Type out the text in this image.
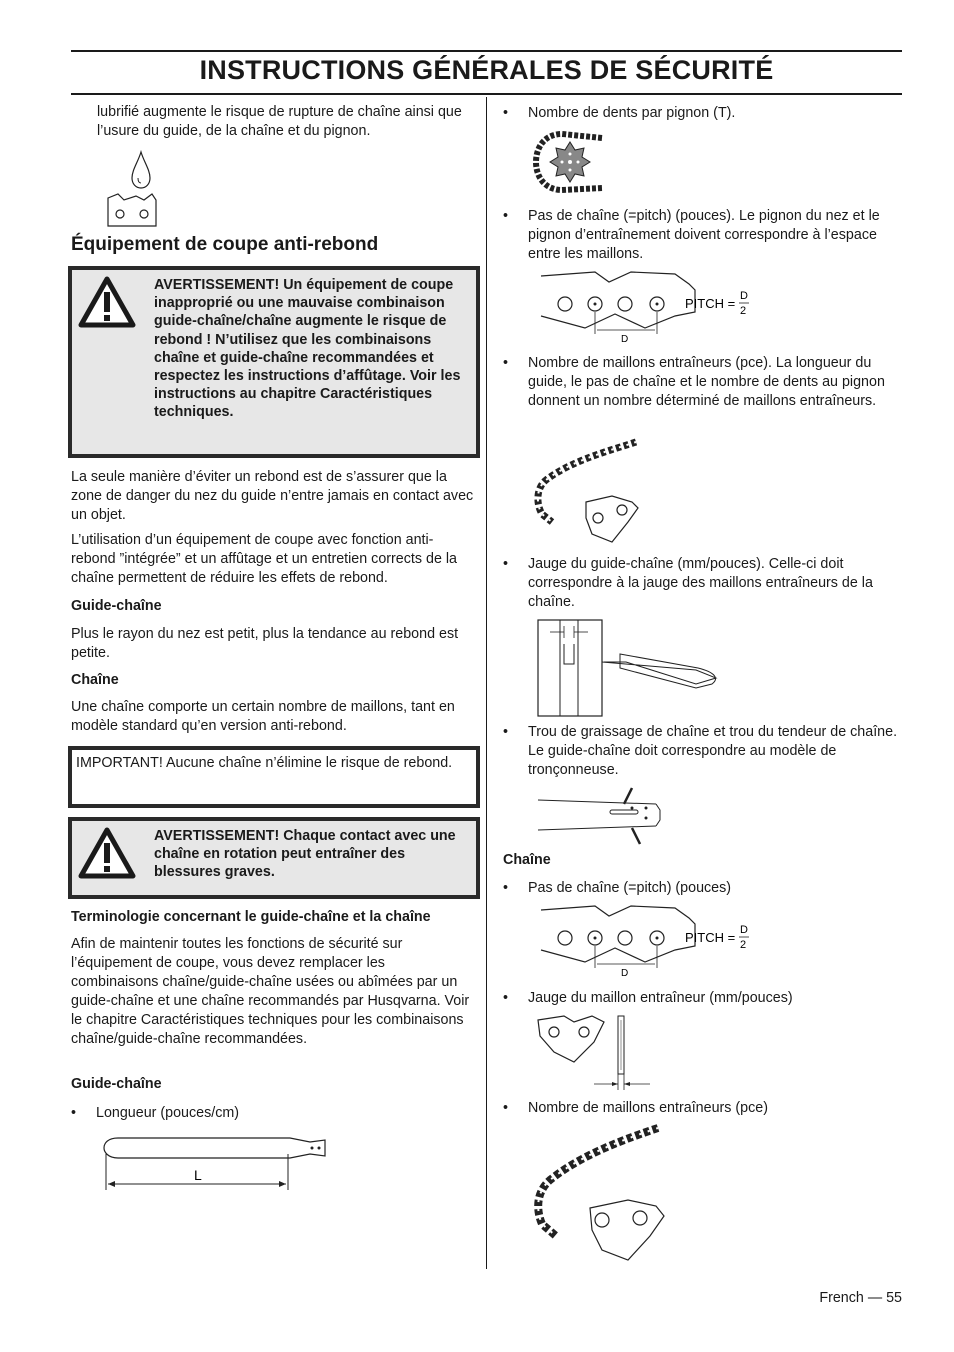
INSTRUCTIONS GÉNÉRALES DE SÉCURITÉ

lubrifié augmente le risque de rupture de chaîne ainsi que l’usure du guide, de la chaîne et du pignon.

Équipement de coupe anti-rebond
AVERTISSEMENT! Un équipement de coupe inapproprié ou une mauvaise combinaison guide-chaîne/chaîne augmente le risque de rebond ! N’utilisez que les combinaisons chaîne et guide-chaîne recommandées et respectez les instructions d’affûtage. Voir les instructions au chapitre Caractéristiques techniques.

La seule manière d’éviter un rebond est de s’assurer que la zone de danger du nez du guide n’entre jamais en contact avec un objet.

L’utilisation d’un équipement de coupe avec fonction anti-rebond ”intégrée” et un affûtage et un entretien corrects de la chaîne permettent de réduire les effets de rebond.

Guide-chaîne

Plus le rayon du nez est petit, plus la tendance au rebond est petite.

Chaîne

Une chaîne comporte un certain nombre de maillons, tant en modèle standard qu’en version anti-rebond.

IMPORTANT! Aucune chaîne n’élimine le risque de rebond.
AVERTISSEMENT! Chaque contact avec une chaîne en rotation peut entraîner des blessures graves.
Terminologie concernant le guide-chaîne et la chaîne

Afin de maintenir toutes les fonctions de sécurité sur l’équipement de coupe, vous devez remplacer les combinaisons chaîne/guide-chaîne usées ou abîmées par un guide-chaîne et une chaîne recommandés par Husqvarna. Voir le chapitre Caractéristiques techniques pour les combinaisons chaîne/guide-chaîne recommandées.

Guide-chaîne
• Longueur (pouces/cm)
L
• Nombre de dents par pignon (T).
• Pas de chaîne (=pitch) (pouces). Le pignon du nez et le pignon d’entraînement doivent correspondre à l’espace entre les maillons.
D
PITCH = D
2
• Nombre de maillons entraîneurs (pce). La longueur du guide, le pas de chaîne et le nombre de dents au pignon donnent un nombre déterminé de maillons entraîneurs.
• Jauge du guide-chaîne (mm/pouces). Celle-ci doit correspondre à la jauge des maillons entraîneurs de la chaîne.
• Trou de graissage de chaîne et trou du tendeur de chaîne. Le guide-chaîne doit correspondre au modèle de tronçonneuse.
Chaîne
• Pas de chaîne (=pitch) (pouces)
D
PITCH = D
2
• Jauge du maillon entraîneur (mm/pouces)
• Nombre de maillons entraîneurs (pce)
French — 55
